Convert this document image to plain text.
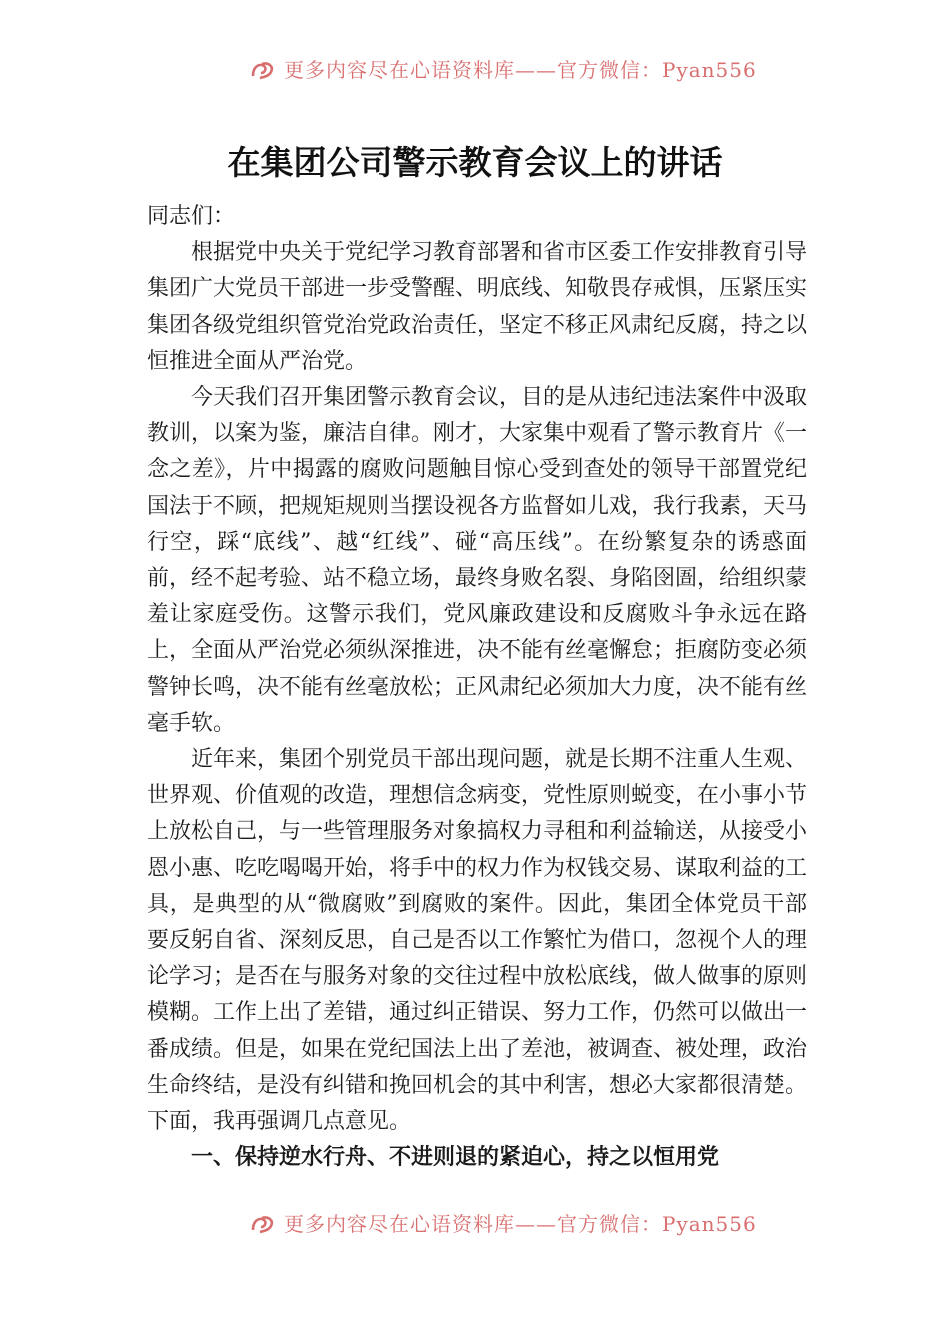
更多内容尽在心语资料库——官方微信：Pyan556
在集团公司警示教育会议上的讲话

同志们：

根据党中央关于党纪学习教育部署和省市区委工作安排教育引导集团广大党员干部进一步受警醒、明底线、知敬畏存戒惧，压紧压实集团各级党组织管党治党政治责任，坚定不移正风肃纪反腐，持之以恒推进全面从严治党。

今天我们召开集团警示教育会议，目的是从违纪违法案件中汲取教训，以案为鉴，廉洁自律。刚才，大家集中观看了警示教育片《一念之差》，片中揭露的腐败问题触目惊心受到查处的领导干部置党纪国法于不顾，把规矩规则当摆设视各方监督如儿戏，我行我素，天马行空，踩“底线”、越“红线”、碰“高压线”。在纷繁复杂的诱惑面前，经不起考验、站不稳立场，最终身败名裂、身陷囹圄，给组织蒙羞让家庭受伤。这警示我们，党风廉政建设和反腐败斗争永远在路上，全面从严治党必须纵深推进，决不能有丝毫懈怠；拒腐防变必须警钟长鸣，决不能有丝毫放松；正风肃纪必须加大力度，决不能有丝毫手软。

近年来，集团个别党员干部出现问题，就是长期不注重人生观、世界观、价值观的改造，理想信念病变，党性原则蜕变，在小事小节上放松自己，与一些管理服务对象搞权力寻租和利益输送，从接受小恩小惠、吃吃喝喝开始，将手中的权力作为权钱交易、谋取利益的工具，是典型的从“微腐败”到腐败的案件。因此，集团全体党员干部要反躬自省、深刻反思，自己是否以工作繁忙为借口，忽视个人的理论学习；是否在与服务对象的交往过程中放松底线，做人做事的原则模糊。工作上出了差错，通过纠正错误、努力工作，仍然可以做出一番成绩。但是，如果在党纪国法上出了差池，被调查、被处理，政治生命终结，是没有纠错和挽回机会的其中利害，想必大家都很清楚。下面，我再强调几点意见。

一、保持逆水行舟、不进则退的紧迫心，持之以恒用党

更多内容尽在心语资料库——官方微信：Pyan556
